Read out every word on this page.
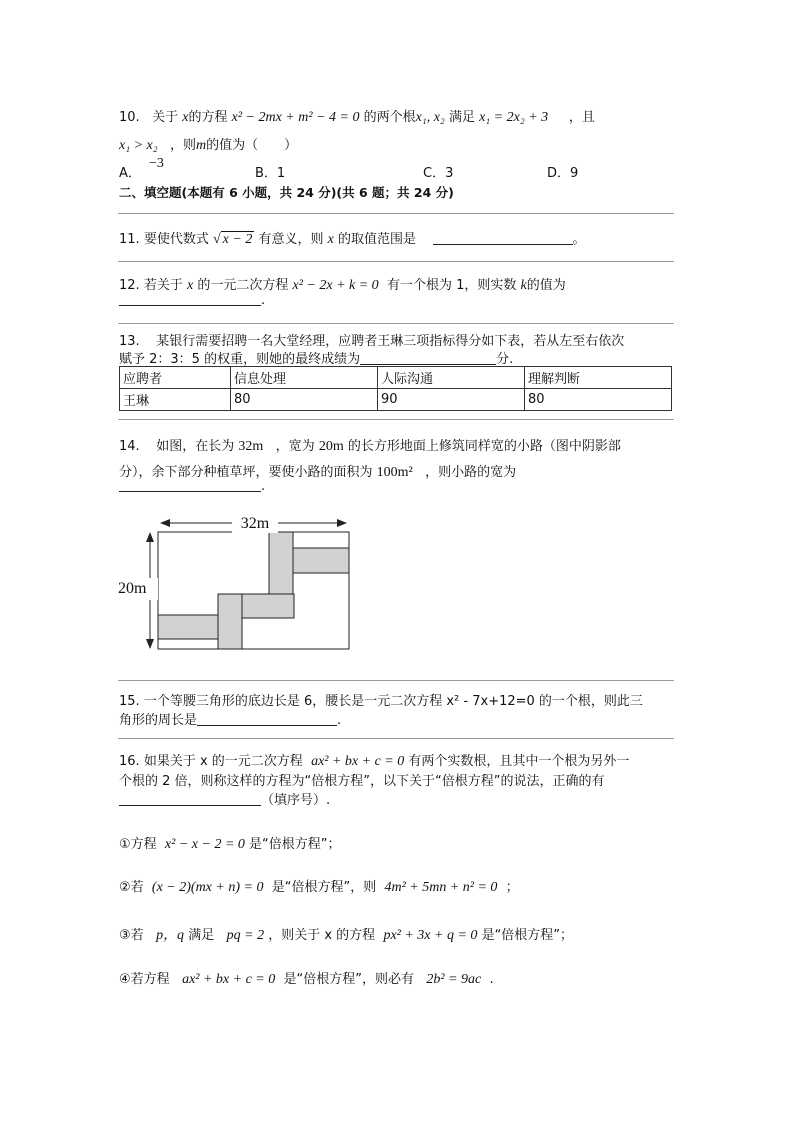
10. 关于 x的方程 x² − 2mx + m² − 4 = 0 的两个根x₁, x₂ 满足 x₁ = 2x₂ + 3 ，且
x₁ > x₂ ，则m的值为（　　）
A．
−3
B．1	C．3	D．9
二、填空题(本题有 6 小题，共 24 分)(共 6 题；共 24 分)
11. 要使代数式 √ x − 2 有意义，则 x 的取值范围是	。
12. 若关于 x 的一元二次方程 x² − 2x + k = 0 有一个根为 1，则实数 k的值为
.
13. 某银行需要招聘一名大堂经理，应聘者王琳三项指标得分如下表，若从左至右依次
赋予 2：3：5 的权重，则她的最终成绩为	分.
应聘者	信息处理	人际沟通	理解判断
王琳	80	90	80
14. 如图，在长为 32m ，宽为 20m 的长方形地面上修筑同样宽的小路（图中阴影部
分），余下部分种植草坪，要使小路的面积为 100m² ，则小路的宽为
.
32m
20m
15. 一个等腰三角形的底边长是 6，腰长是一元二次方程 x² - 7x+12=0 的一个根，则此三
角形的周长是	.
16. 如果关于 x 的一元二次方程 ax² + bx + c = 0 有两个实数根，且其中一个根为另外一
个根的 2 倍，则称这样的方程为“倍根方程”，以下关于“倍根方程”的说法，正确的有
（填序号）.
①方程 x² − x − 2 = 0 是“倍根方程”；
②若 (x − 2)(mx + n) = 0 是“倍根方程”，则 4m² + 5mn + n² = 0 ；
③若 p，q 满足 pq = 2 ，则关于 x 的方程 px² + 3x + q = 0 是“倍根方程”；
④若方程 ax² + bx + c = 0 是“倍根方程”，则必有 2b² = 9ac .
